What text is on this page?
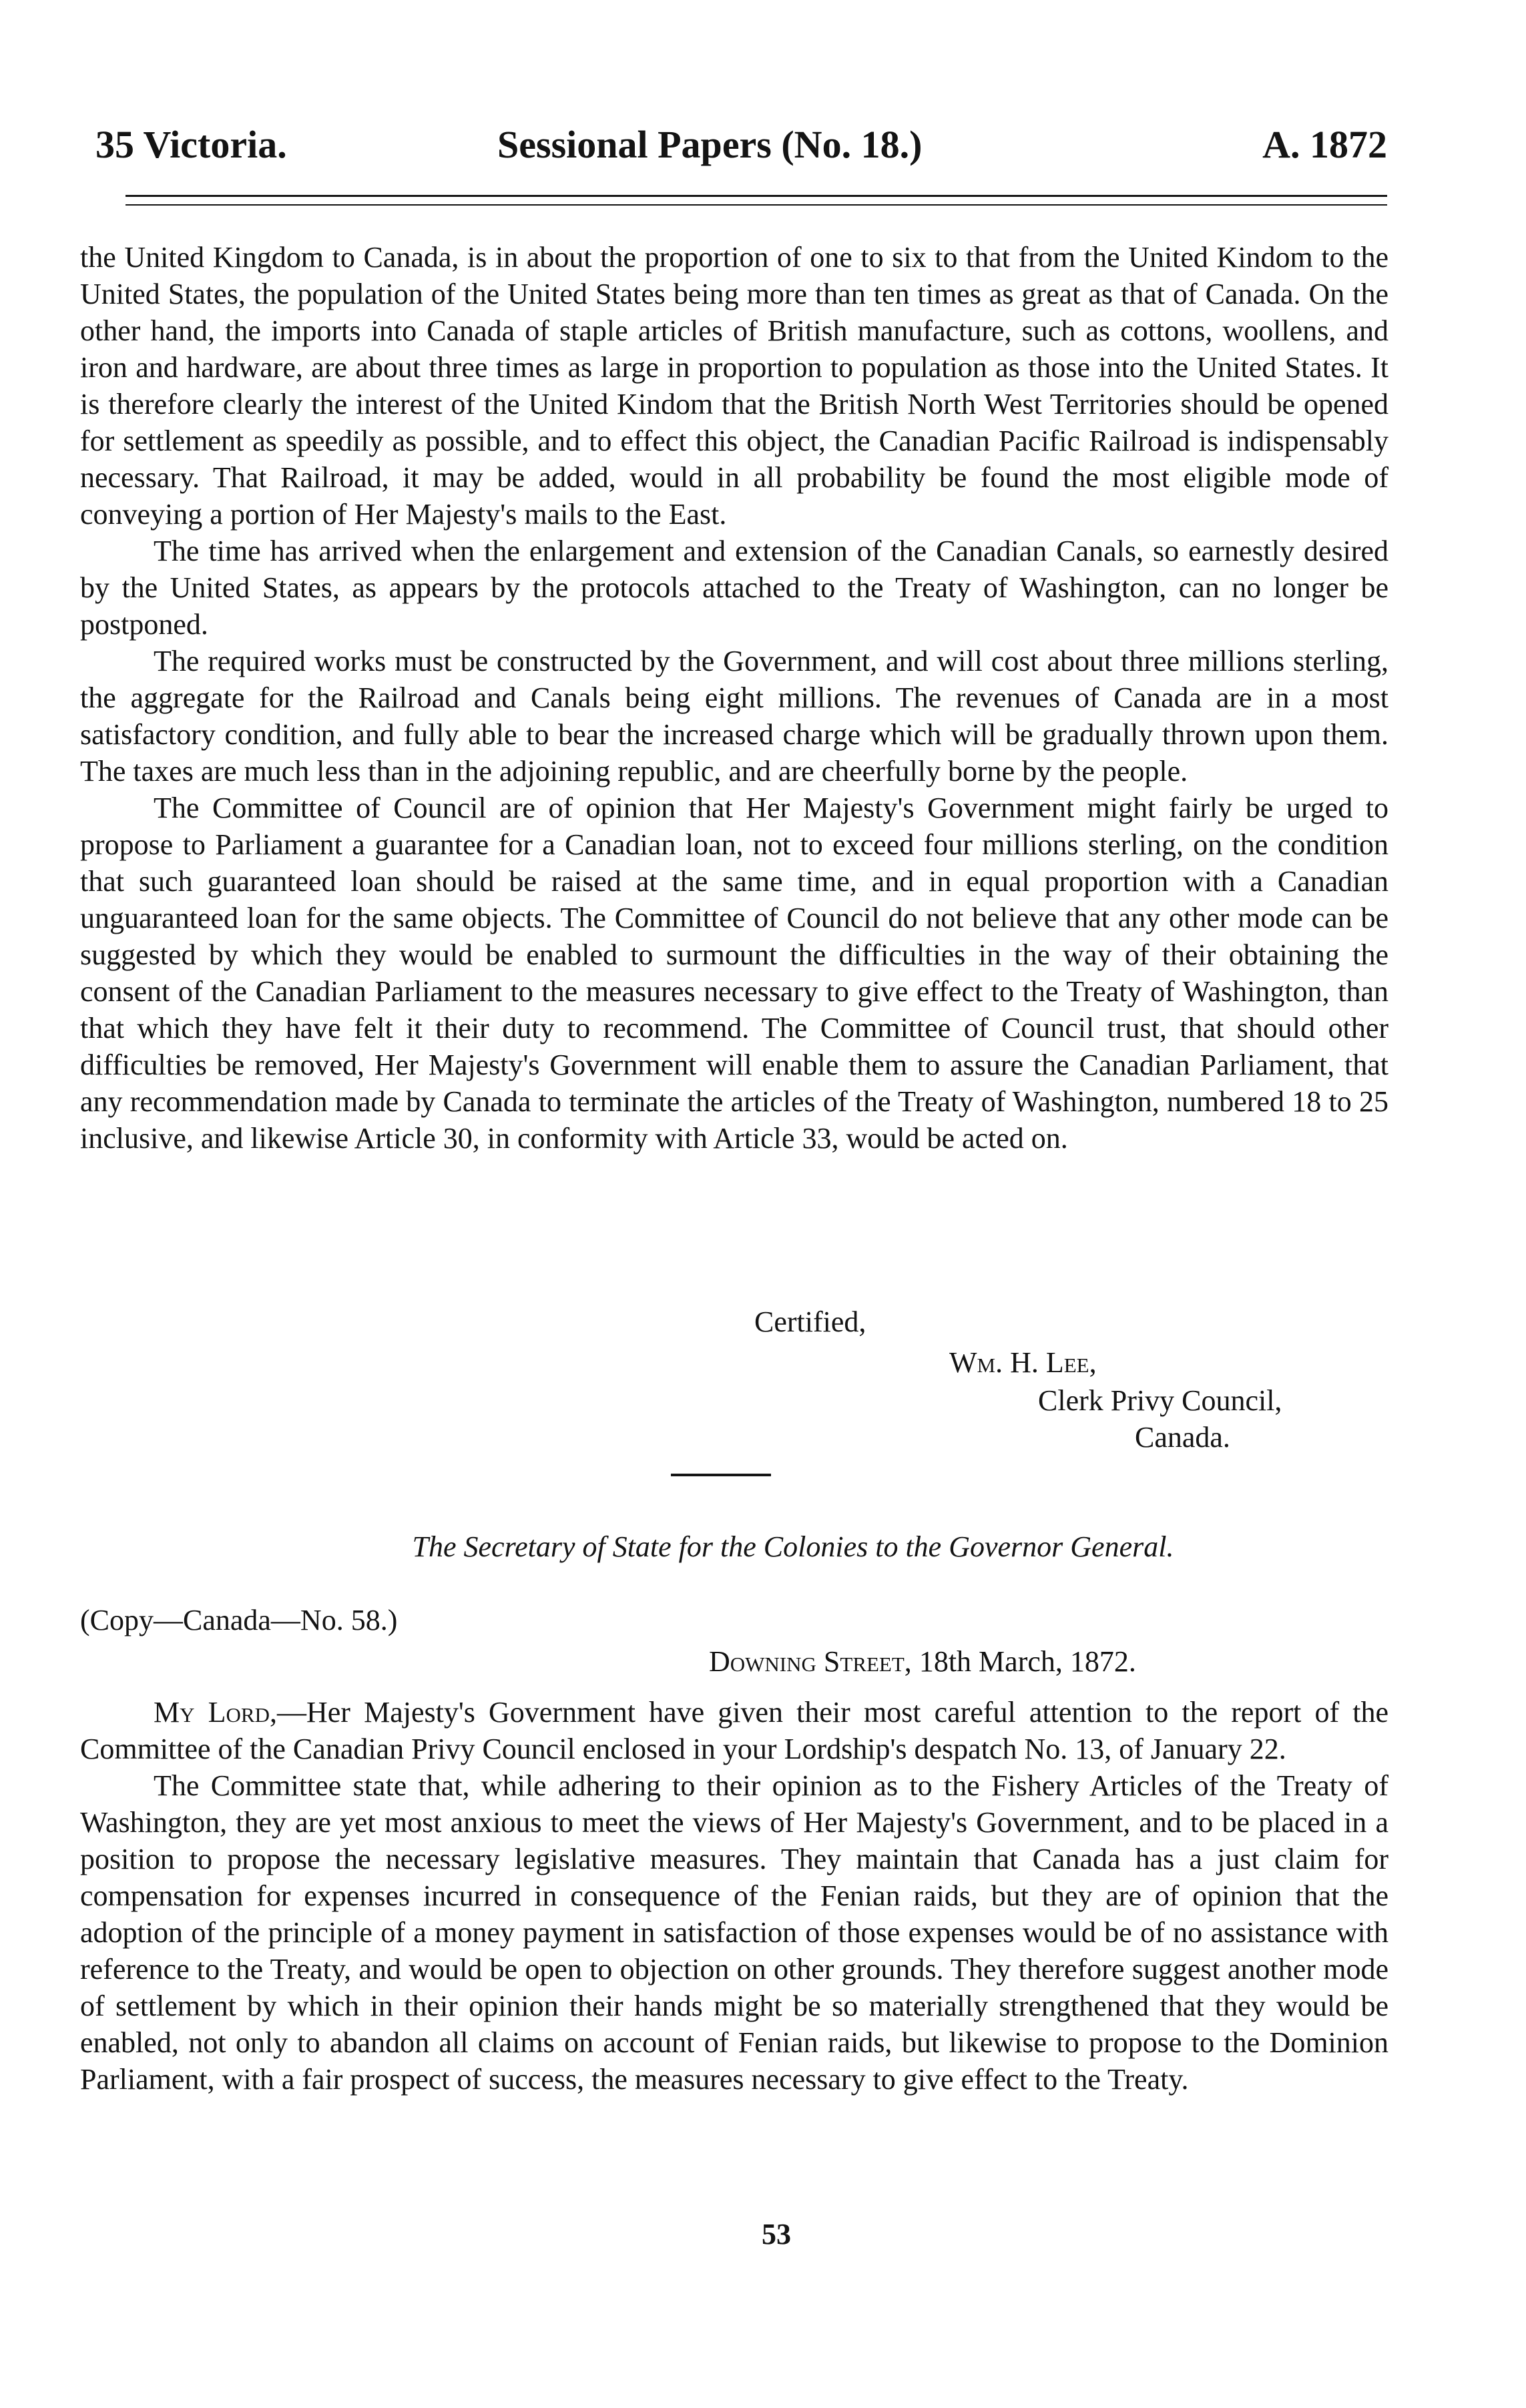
35 Victoria.	Sessional Papers (No. 18.)	A. 1872

the United Kingdom to Canada, is in about the proportion of one to six to that from the United Kindom to the United States, the population of the United States being more than ten times as great as that of Canada. On the other hand, the imports into Canada of staple articles of British manufacture, such as cottons, woollens, and iron and hardware, are about three times as large in proportion to population as those into the United States. It is therefore clearly the interest of the United Kindom that the British North West Territories should be opened for settlement as speedily as possible, and to effect this object, the Canadian Pacific Railroad is indispensably necessary. That Railroad, it may be added, would in all probability be found the most eligible mode of conveying a portion of Her Majesty's mails to the East.

The time has arrived when the enlargement and extension of the Canadian Canals, so earnestly desired by the United States, as appears by the protocols attached to the Treaty of Washington, can no longer be postponed.

The required works must be constructed by the Government, and will cost about three millions sterling, the aggregate for the Railroad and Canals being eight millions. The revenues of Canada are in a most satisfactory condition, and fully able to bear the increased charge which will be gradually thrown upon them. The taxes are much less than in the adjoining republic, and are cheerfully borne by the people.

The Committee of Council are of opinion that Her Majesty's Government might fairly be urged to propose to Parliament a guarantee for a Canadian loan, not to exceed four millions sterling, on the condition that such guaranteed loan should be raised at the same time, and in equal proportion with a Canadian unguaranteed loan for the same objects. The Committee of Council do not believe that any other mode can be suggested by which they would be enabled to surmount the difficulties in the way of their obtaining the consent of the Canadian Parliament to the measures necessary to give effect to the Treaty of Washington, than that which they have felt it their duty to recommend. The Committee of Council trust, that should other difficulties be removed, Her Majesty's Government will enable them to assure the Canadian Parliament, that any recommendation made by Canada to terminate the articles of the Treaty of Washington, numbered 18 to 25 inclusive, and likewise Article 30, in conformity with Article 33, would be acted on.

Certified,
Wm. H. Lee,
Clerk Privy Council,
Canada.
The Secretary of State for the Colonies to the Governor General.
(Copy—Canada—No. 58.)
Downing Street, 18th March, 1872.

My Lord,—Her Majesty's Government have given their most careful attention to the report of the Committee of the Canadian Privy Council enclosed in your Lordship's despatch No. 13, of January 22.

The Committee state that, while adhering to their opinion as to the Fishery Articles of the Treaty of Washington, they are yet most anxious to meet the views of Her Majesty's Government, and to be placed in a position to propose the necessary legislative measures. They maintain that Canada has a just claim for compensation for expenses incurred in consequence of the Fenian raids, but they are of opinion that the adoption of the principle of a money payment in satisfaction of those expenses would be of no assistance with reference to the Treaty, and would be open to objection on other grounds. They therefore suggest another mode of settlement by which in their opinion their hands might be so materially strengthened that they would be enabled, not only to abandon all claims on account of Fenian raids, but likewise to propose to the Dominion Parliament, with a fair prospect of success, the measures necessary to give effect to the Treaty.

53
